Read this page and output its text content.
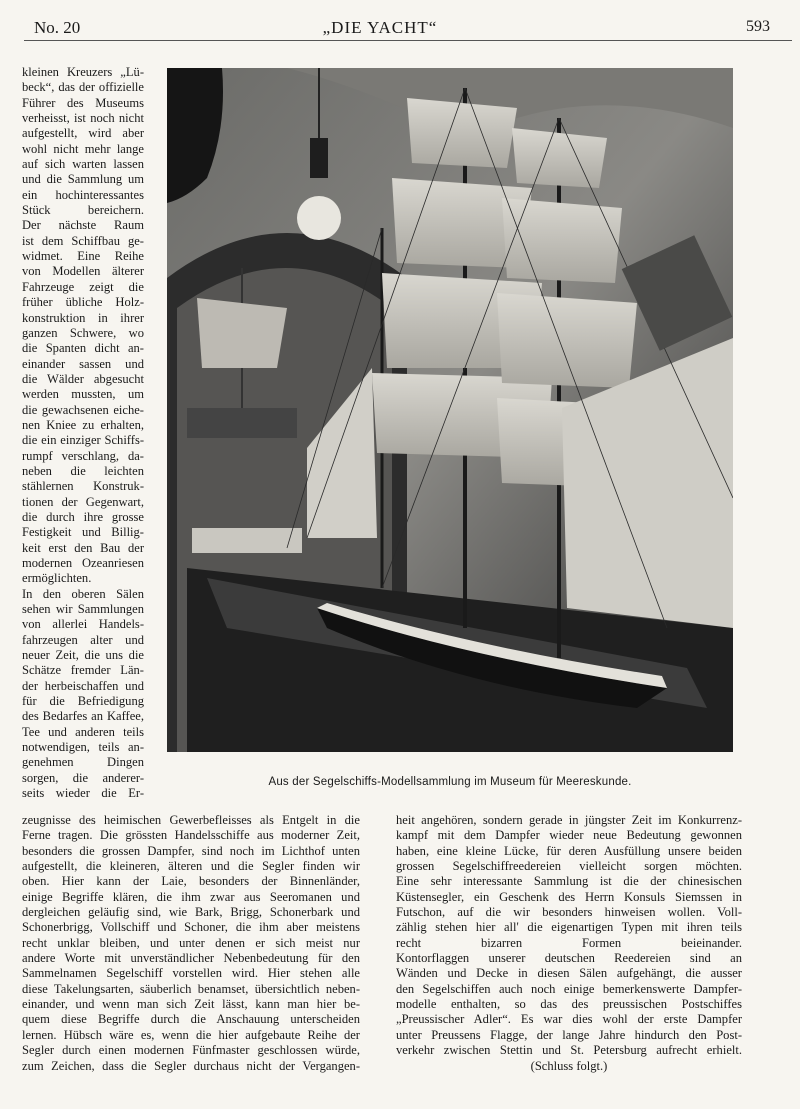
No. 20	„DIE YACHT“	593
kleinen Kreuzers „Lü-
beck“, das der offizielle
Führer des Museums
verheisst, ist noch nicht
aufgestellt, wird aber
wohl nicht mehr lange
auf sich warten lassen
und die Sammlung um
ein hochinteressantes
Stück bereichern.
Der nächste Raum
ist dem Schiffbau ge-
widmet. Eine Reihe
von Modellen älterer
Fahrzeuge zeigt die
früher übliche Holz-
konstruktion in ihrer
ganzen Schwere, wo
die Spanten dicht an-
einander sassen und
die Wälder abgesucht
werden mussten, um
die gewachsenen eiche-
nen Kniee zu erhalten,
die ein einziger Schiffs-
rumpf verschlang, da-
neben die leichten
stählernen Konstruk-
tionen der Gegenwart,
die durch ihre grosse
Festigkeit und Billig-
keit erst den Bau der
modernen Ozeanriesen
ermöglichten.
In den oberen Sälen
sehen wir Sammlungen
von allerlei Handels-
fahrzeugen alter und
neuer Zeit, die uns die
Schätze fremder Län-
der herbeischaffen und
für die Befriedigung
des Bedarfes an Kaffee,
Tee und anderen teils
notwendigen, teils an-
genehmen Dingen
sorgen, die anderer-
seits wieder die Er-
Aus der Segelschiffs-Modellsammlung im Museum für Meereskunde.
zeugnisse des heimischen Gewerbefleisses als Entgelt in die
Ferne tragen. Die grössten Handelsschiffe aus moderner Zeit,
besonders die grossen Dampfer, sind noch im Lichthof unten
aufgestellt, die kleineren, älteren und die Segler finden wir
oben. Hier kann der Laie, besonders der Binnenländer,
einige Begriffe klären, die ihm zwar aus Seeromanen und
dergleichen geläufig sind, wie Bark, Brigg, Schonerbark und
Schonerbrigg, Vollschiff und Schoner, die ihm aber meistens
recht unklar bleiben, und unter denen er sich meist nur
andere Worte mit unverständlicher Nebenbedeutung für den
Sammelnamen Segelschiff vorstellen wird. Hier stehen alle
diese Takelungsarten, säuberlich benamset, übersichtlich neben-
einander, und wenn man sich Zeit lässt, kann man hier be-
quem diese Begriffe durch die Anschauung unterscheiden
lernen. Hübsch wäre es, wenn die hier aufgebaute Reihe der
Segler durch einen modernen Fünfmaster geschlossen würde,
zum Zeichen, dass die Segler durchaus nicht der Vergangen-
heit angehören, sondern gerade in jüngster Zeit im Konkurrenz-
kampf mit dem Dampfer wieder neue Bedeutung gewonnen
haben, eine kleine Lücke, für deren Ausfüllung unsere beiden
grossen Segelschiffreedereien vielleicht sorgen möchten.
Eine sehr interessante Sammlung ist die der chinesischen
Küstensegler, ein Geschenk des Herrn Konsuls Siemssen in
Futschon, auf die wir besonders hinweisen wollen. Voll-
zählig stehen hier all' die eigenartigen Typen mit ihren teils
recht bizarren Formen beieinander.
Kontorflaggen unserer deutschen Reedereien sind an
Wänden und Decke in diesen Sälen aufgehängt, die ausser
den Segelschiffen auch noch einige bemerkenswerte Dampfer-
modelle enthalten, so das des preussischen Postschiffes
„Preussischer Adler“. Es war dies wohl der erste Dampfer
unter Preussens Flagge, der lange Jahre hindurch den Post-
verkehr zwischen Stettin und St. Petersburg aufrecht erhielt.
(Schluss folgt.)
